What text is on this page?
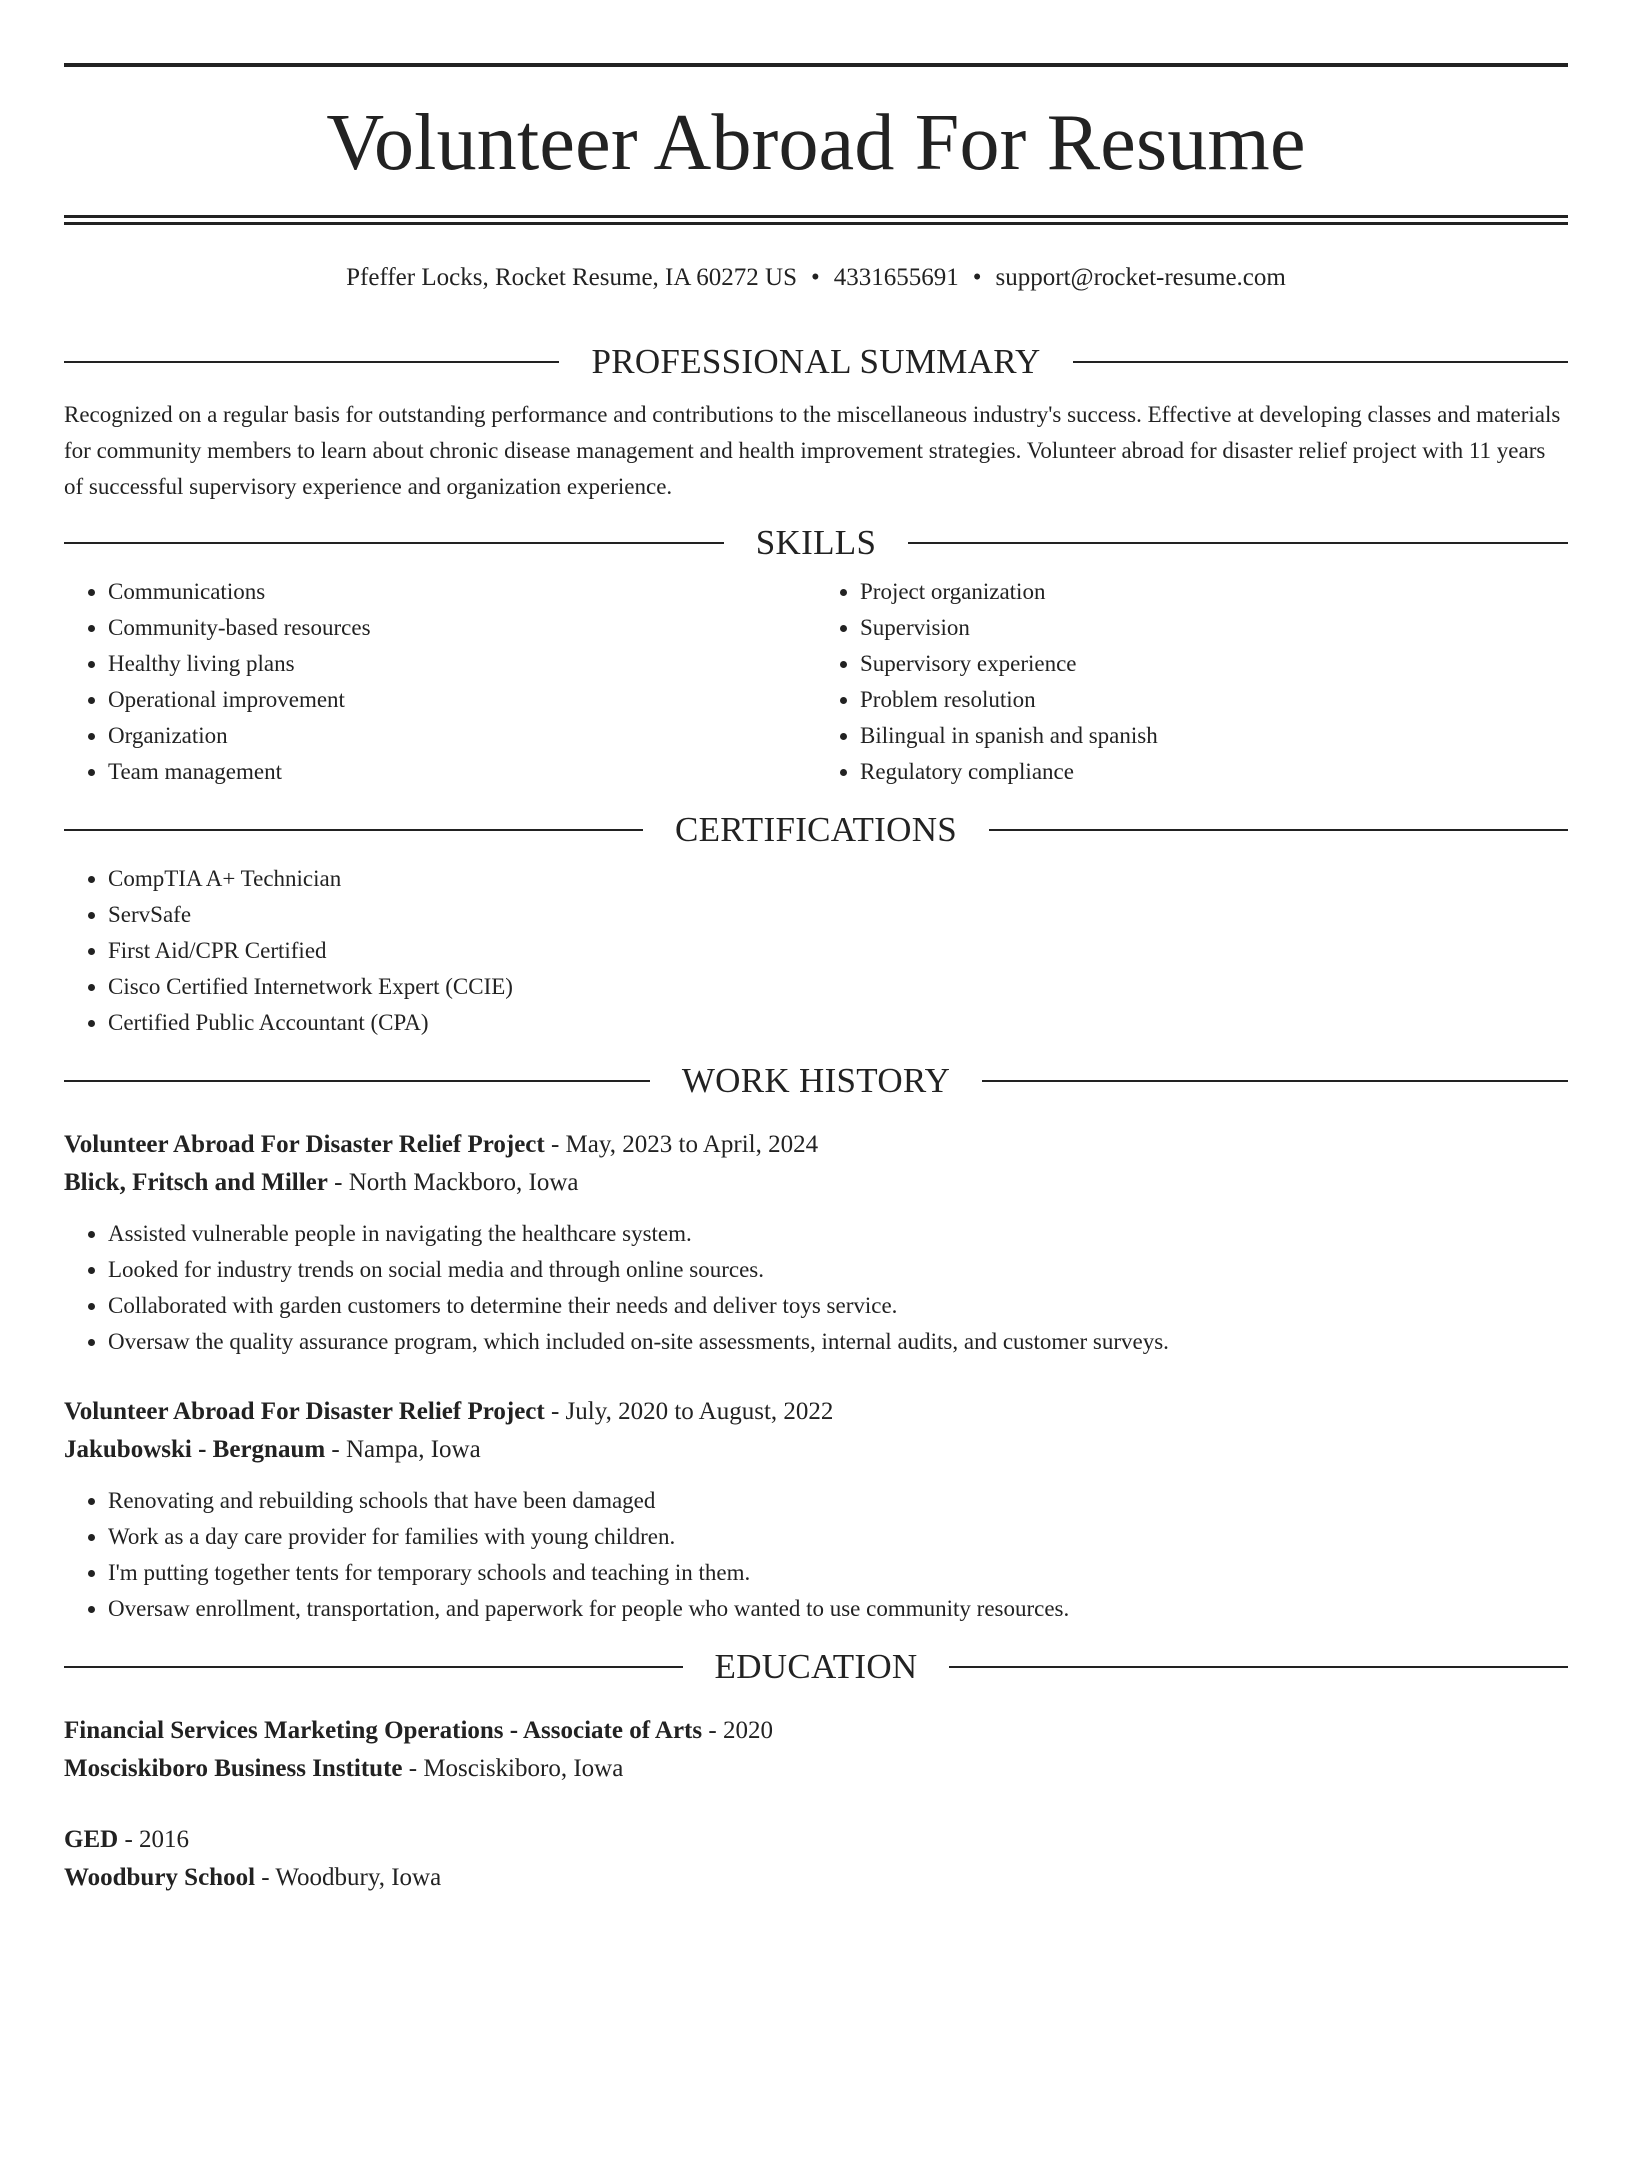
Volunteer Abroad For Resume
Pfeffer Locks, Rocket Resume, IA 60272 US • 4331655691 • support@rocket-resume.com
PROFESSIONAL SUMMARY

Recognized on a regular basis for outstanding performance and contributions to the miscellaneous industry's success. Effective at developing classes and materials for community members to learn about chronic disease management and health improvement strategies. Volunteer abroad for disaster relief project with 11 years of successful supervisory experience and organization experience.

SKILLS
• Communications
• Community-based resources
• Healthy living plans
• Operational improvement
• Organization
• Team management
• Project organization
• Supervision
• Supervisory experience
• Problem resolution
• Bilingual in spanish and spanish
• Regulatory compliance
CERTIFICATIONS
• CompTIA A+ Technician
• ServSafe
• First Aid/CPR Certified
• Cisco Certified Internetwork Expert (CCIE)
• Certified Public Accountant (CPA)
WORK HISTORY
Volunteer Abroad For Disaster Relief Project - May, 2023 to April, 2024
Blick, Fritsch and Miller - North Mackboro, Iowa
• Assisted vulnerable people in navigating the healthcare system.
• Looked for industry trends on social media and through online sources.
• Collaborated with garden customers to determine their needs and deliver toys service.
• Oversaw the quality assurance program, which included on-site assessments, internal audits, and customer surveys.
Volunteer Abroad For Disaster Relief Project - July, 2020 to August, 2022
Jakubowski - Bergnaum - Nampa, Iowa
• Renovating and rebuilding schools that have been damaged
• Work as a day care provider for families with young children.
• I'm putting together tents for temporary schools and teaching in them.
• Oversaw enrollment, transportation, and paperwork for people who wanted to use community resources.
EDUCATION
Financial Services Marketing Operations - Associate of Arts - 2020
Mosciskiboro Business Institute - Mosciskiboro, Iowa
GED - 2016
Woodbury School - Woodbury, Iowa
